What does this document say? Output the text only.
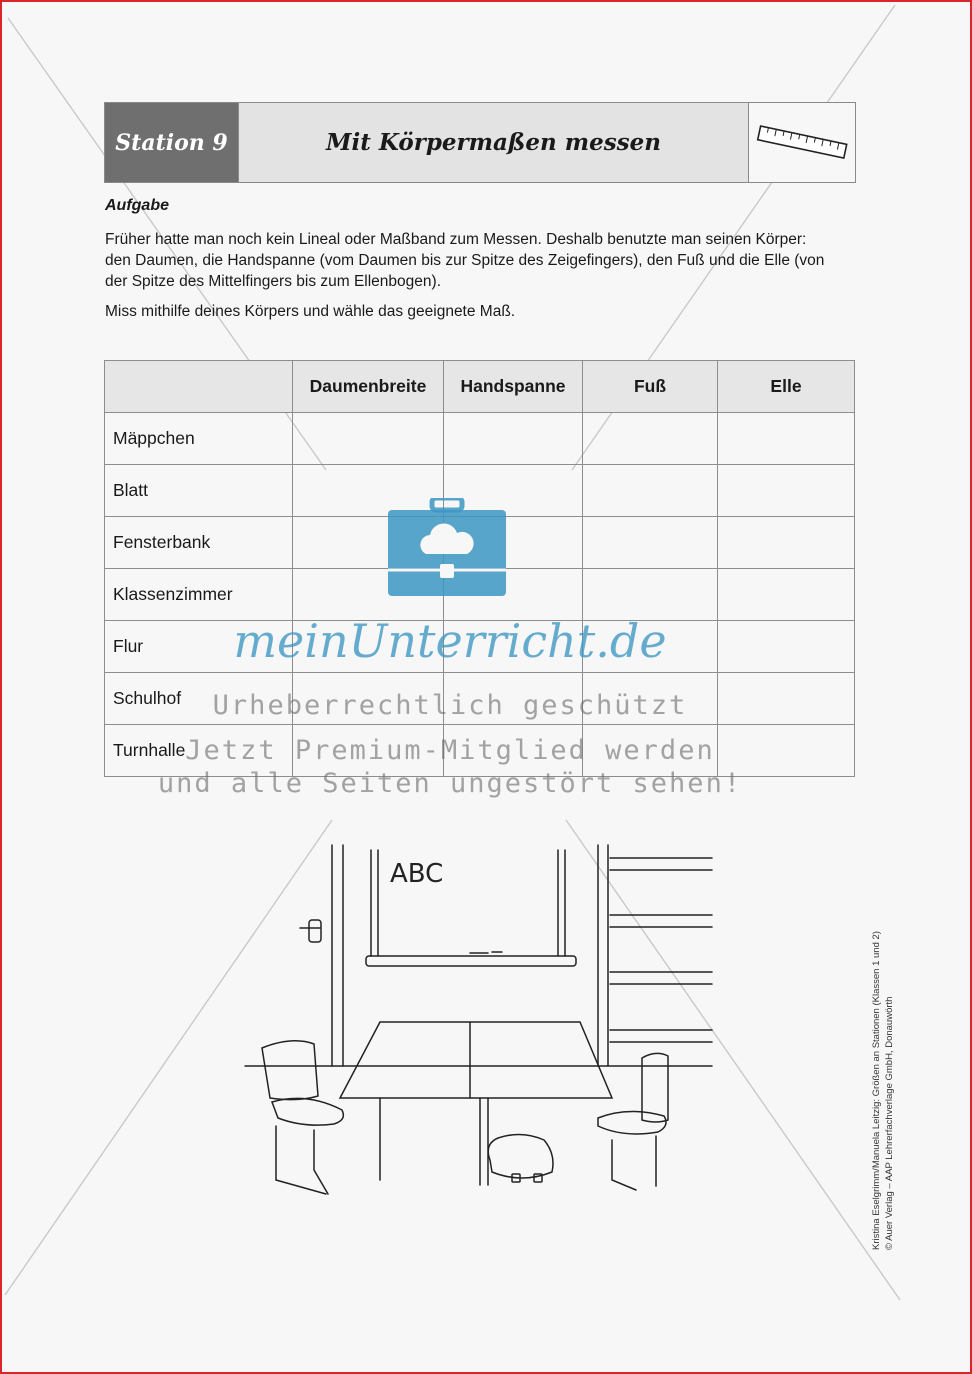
Station 9	Mit Körpermaßen messen
Aufgabe

Früher hatte man noch kein Lineal oder Maßband zum Messen. Deshalb benutzte man seinen Körper: den Daumen, die Handspanne (vom Daumen bis zur Spitze des Zeigefingers), den Fuß und die Elle (von der Spitze des Mittelfingers bis zum Ellenbogen).

Miss mithilfe deines Körpers und wähle das geeignete Maß.

	Daumenbreite	Handspanne	Fuß	Elle
Mäppchen				
Blatt				
Fensterbank				
Klassenzimmer				
Flur				
Schulhof				
Turnhalle				
meinUnterricht.de
Urheberrechtlich geschützt
Jetzt Premium-Mitglied werden
und alle Seiten ungestört sehen!
ABC
Kristina Eselgrimm/Manuela Leitzig: Größen an Stationen (Klassen 1 und 2) © Auer Verlag – AAP Lehrerfachverlage GmbH, Donauwörth
